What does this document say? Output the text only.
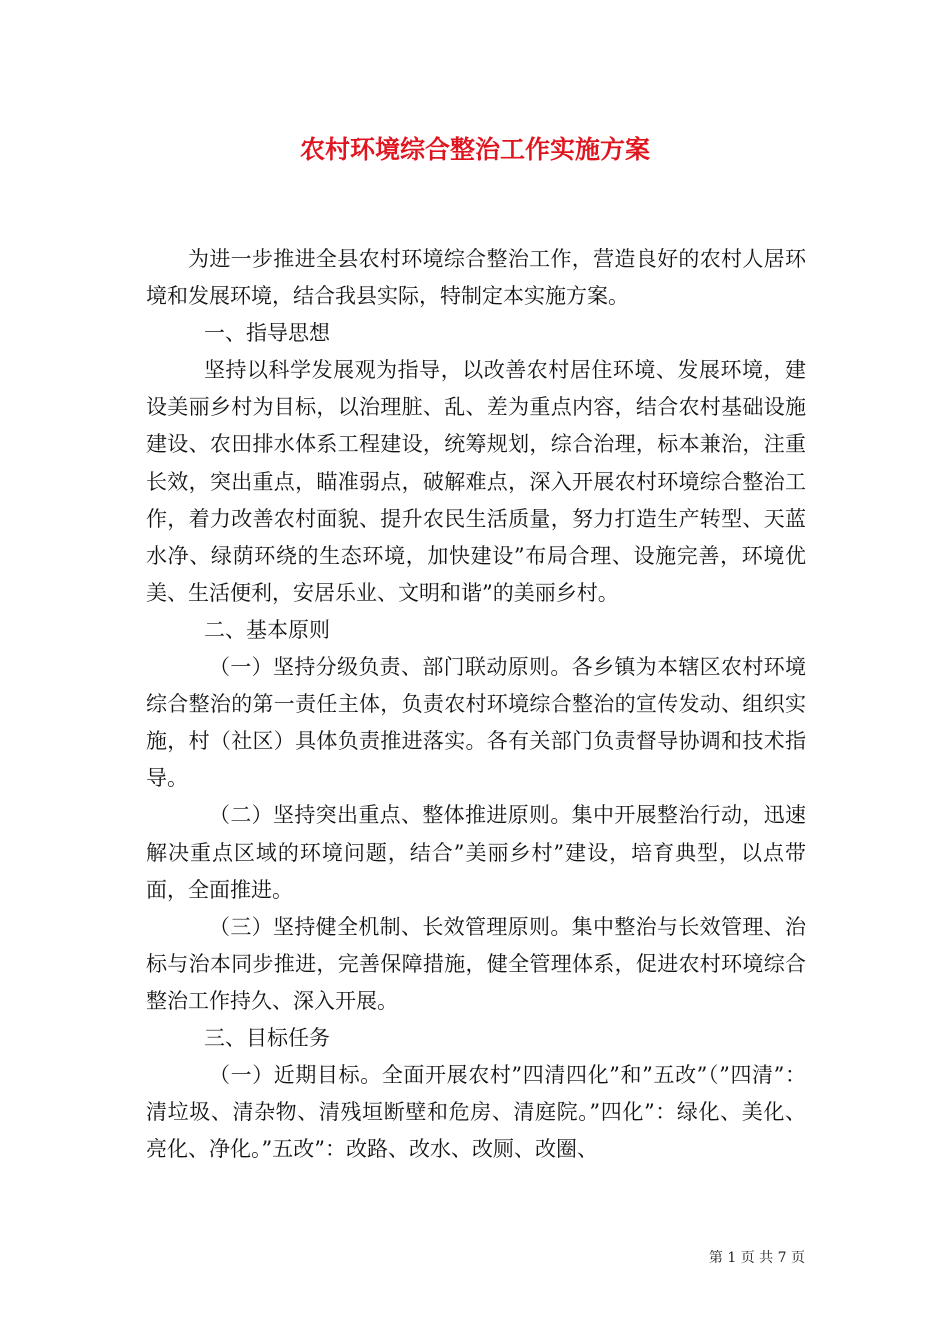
农村环境综合整治工作实施方案

为进一步推进全县农村环境综合整治工作，营造良好的农村人居环境和发展环境，结合我县实际，特制定本实施方案。

一、指导思想

坚持以科学发展观为指导，以改善农村居住环境、发展环境，建设美丽乡村为目标，以治理脏、乱、差为重点内容，结合农村基础设施建设、农田排水体系工程建设，统筹规划，综合治理，标本兼治，注重长效，突出重点，瞄准弱点，破解难点，深入开展农村环境综合整治工作，着力改善农村面貌、提升农民生活质量，努力打造生产转型、天蓝水净、绿荫环绕的生态环境，加快建设”布局合理、设施完善，环境优美、生活便利，安居乐业、文明和谐”的美丽乡村。

二、基本原则

（一）坚持分级负责、部门联动原则。各乡镇为本辖区农村环境综合整治的第一责任主体，负责农村环境综合整治的宣传发动、组织实施，村（社区）具体负责推进落实。各有关部门负责督导协调和技术指导。

（二）坚持突出重点、整体推进原则。集中开展整治行动，迅速解决重点区域的环境问题，结合”美丽乡村”建设，培育典型，以点带面，全面推进。

（三）坚持健全机制、长效管理原则。集中整治与长效管理、治标与治本同步推进，完善保障措施，健全管理体系，促进农村环境综合整治工作持久、深入开展。

三、目标任务

（一）近期目标。全面开展农村”四清四化”和”五改”（”四清”：清垃圾、清杂物、清残垣断壁和危房、清庭院。”四化”：绿化、美化、亮化、净化。”五改”：改路、改水、改厕、改圈、

第 1 页 共 7 页
